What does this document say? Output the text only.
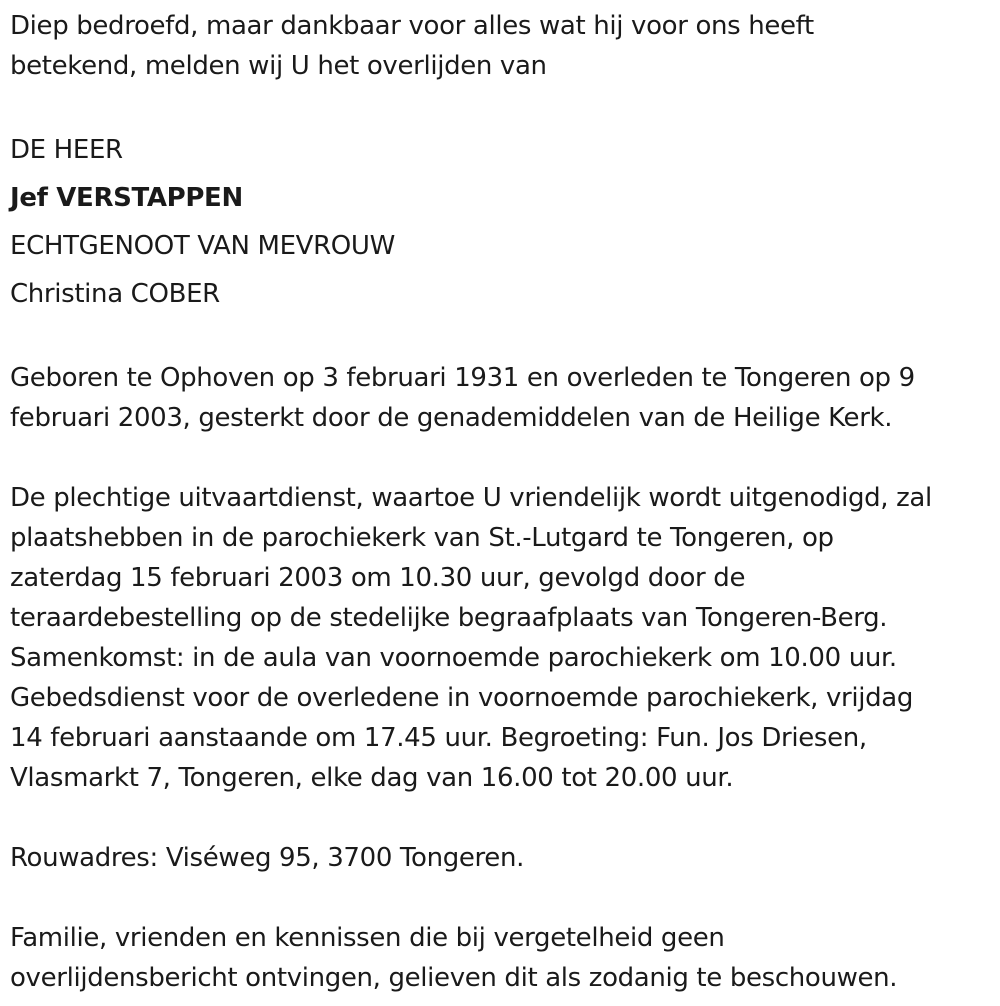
Diep bedroefd, maar dankbaar voor alles wat hij voor ons heeft
betekend, melden wij U het overlijden van

DE HEER
Jef VERSTAPPEN
ECHTGENOOT VAN MEVROUW
Christina COBER

Geboren te Ophoven op 3 februari 1931 en overleden te Tongeren op 9
februari 2003, gesterkt door de genademiddelen van de Heilige Kerk.

De plechtige uitvaartdienst, waartoe U vriendelijk wordt uitgenodigd, zal
plaatshebben in de parochiekerk van St.-Lutgard te Tongeren, op
zaterdag 15 februari 2003 om 10.30 uur, gevolgd door de
teraardebestelling op de stedelijke begraafplaats van Tongeren-Berg.
Samenkomst: in de aula van voornoemde parochiekerk om 10.00 uur.
Gebedsdienst voor de overledene in voornoemde parochiekerk, vrijdag
14 februari aanstaande om 17.45 uur. Begroeting: Fun. Jos Driesen,
Vlasmarkt 7, Tongeren, elke dag van 16.00 tot 20.00 uur.

Rouwadres: Viséweg 95, 3700 Tongeren.

Familie, vrienden en kennissen die bij vergetelheid geen
overlijdensbericht ontvingen, gelieven dit als zodanig te beschouwen.
